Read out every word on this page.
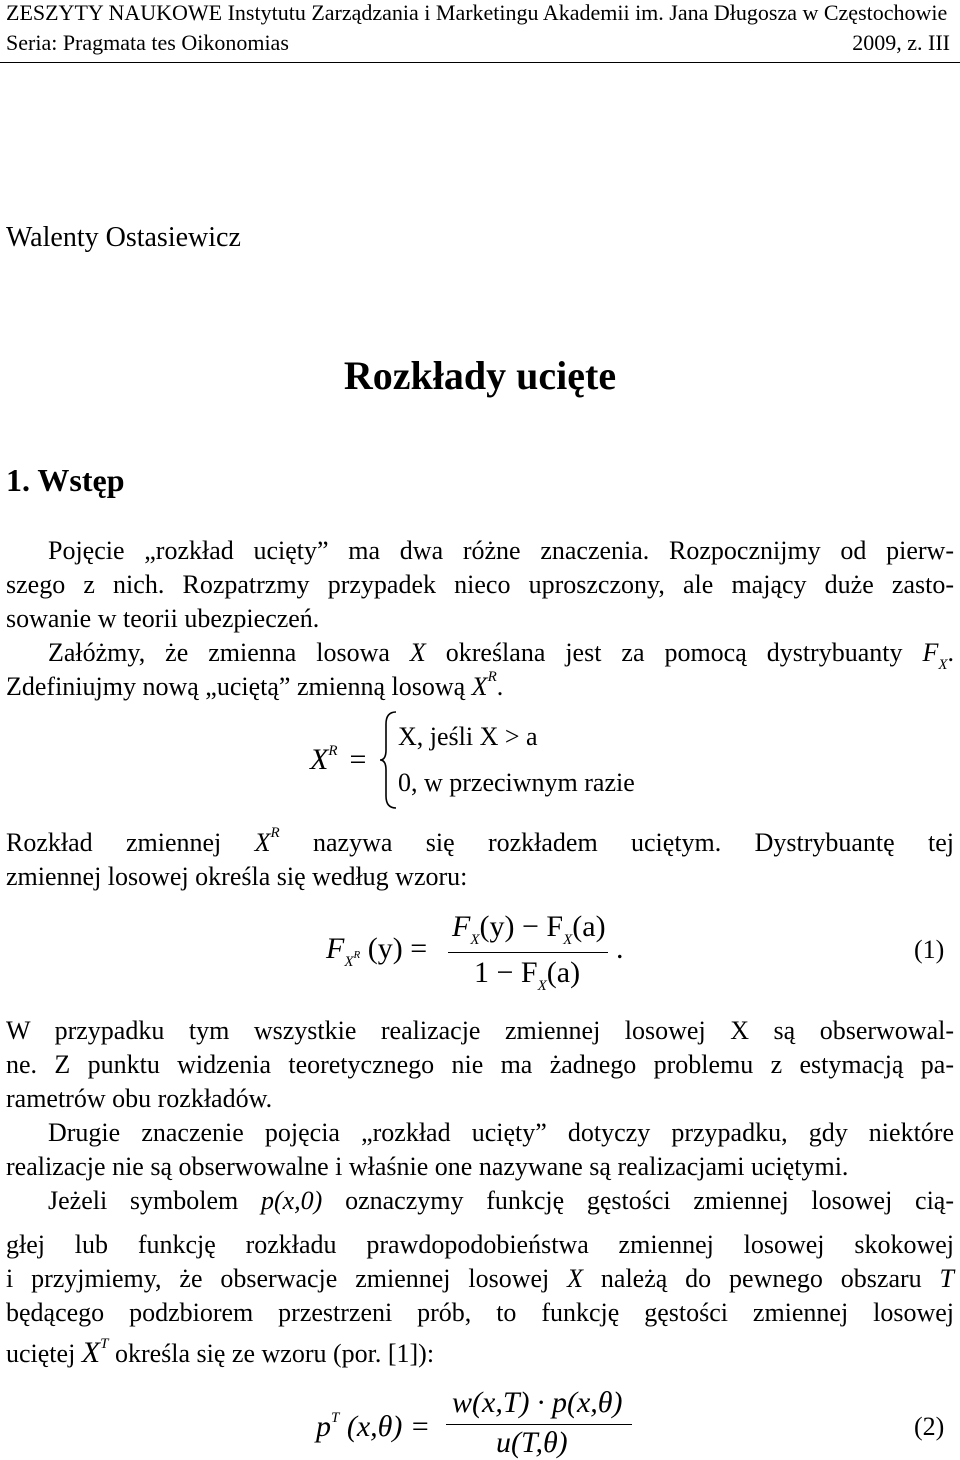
ZESZYTY NAUKOWE Instytutu Zarządzania i Marketingu Akademii im. Jana Długosza w Częstochowie
Seria: Pragmata tes Oikonomias	2009, z. III
Walenty Ostasiewicz
Rozkłady ucięte
1. Wstęp
Pojęcie „rozkład ucięty” ma dwa różne znaczenia. Rozpocznijmy od pierw-
szego z nich. Rozpatrzmy przypadek nieco uproszczony, ale mający duże zasto-
sowanie w teorii ubezpieczeń.
Załóżmy, że zmienna losowa X określana jest za pomocą dystrybuanty $F_X$.
Zdefiniujmy nową „uciętą” zmienną losową $X^R$.
$X^R$ =
X, jeśli X > a
0, w przeciwnym razie
Rozkład zmiennej $X^R$ nazywa się rozkładem uciętym. Dystrybuantę tej
zmiennej losowej określa się według wzoru:
$F_XR$ (y) =
$F_X(y) - F_X(a)$
$1 - F_X(a)$
.	(1)
W przypadku tym wszystkie realizacje zmiennej losowej X są obserwowal-
ne. Z punktu widzenia teoretycznego nie ma żadnego problemu z estymacją pa-
rametrów obu rozkładów.
Drugie znaczenie pojęcia „rozkład ucięty” dotyczy przypadku, gdy niektóre
realizacje nie są obserwowalne i właśnie one nazywane są realizacjami uciętymi.
Jeżeli symbolem p(x,0) oznaczymy funkcję gęstości zmiennej losowej cią-
głej lub funkcję rozkładu prawdopodobieństwa zmiennej losowej skokowej
i przyjmiemy, że obserwacje zmiennej losowej X należą do pewnego obszaru T
będącego podzbiorem przestrzeni prób, to funkcję gęstości zmiennej losowej
uciętej $X^T$ określa się ze wzoru (por. [1]):
$p^T$ (x,θ) =
w(x,T) · p(x,θ)
u(T,θ)	(2)
